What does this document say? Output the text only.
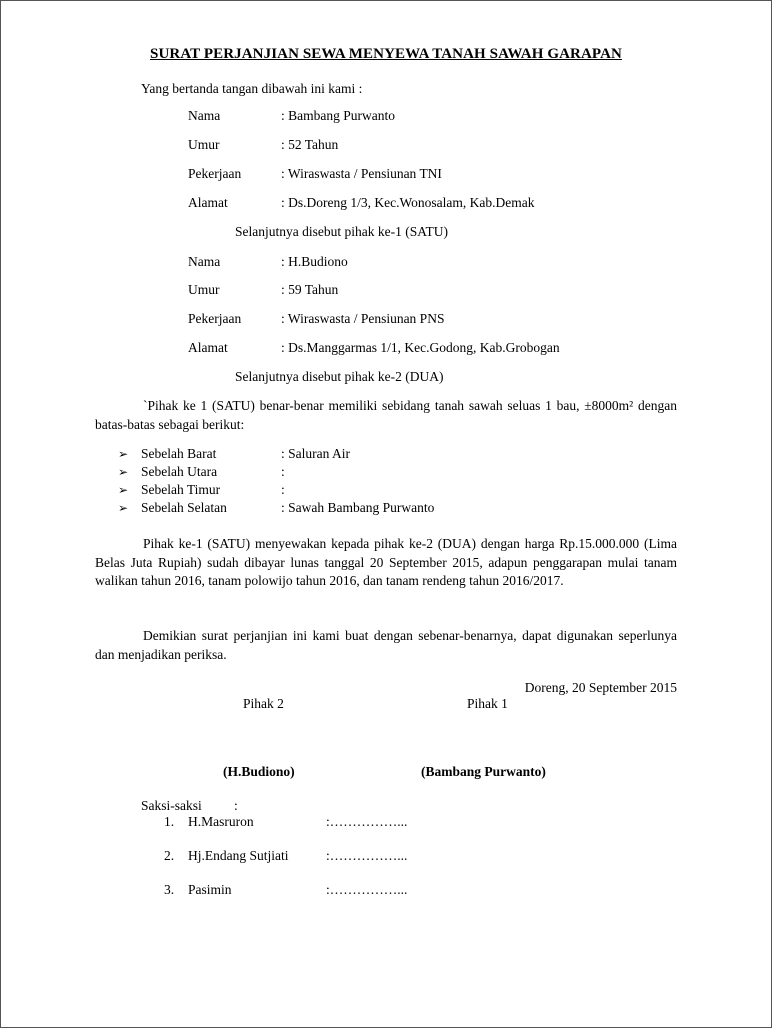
SURAT PERJANJIAN SEWA MENYEWA TANAH SAWAH GARAPAN
Yang bertanda tangan dibawah ini kami :
Nama	: Bambang Purwanto
Umur	: 52 Tahun
Pekerjaan	: Wiraswasta / Pensiunan TNI
Alamat	: Ds.Doreng 1/3, Kec.Wonosalam, Kab.Demak
Selanjutnya disebut pihak ke-1 (SATU)
Nama	: H.Budiono
Umur	: 59 Tahun
Pekerjaan	: Wiraswasta / Pensiunan PNS
Alamat	: Ds.Manggarmas 1/1, Kec.Godong, Kab.Grobogan
Selanjutnya disebut pihak ke-2 (DUA)
`Pihak ke 1 (SATU) benar-benar memiliki sebidang tanah sawah seluas 1 bau, ±8000m² dengan batas-batas sebagai berikut:
➢ Sebelah Barat	: Saluran Air
➢ Sebelah Utara	:
➢ Sebelah Timur	:
➢ Sebelah Selatan	: Sawah Bambang Purwanto
Pihak ke-1 (SATU) menyewakan kepada pihak ke-2 (DUA) dengan harga Rp.15.000.000 (Lima Belas Juta Rupiah) sudah dibayar lunas tanggal 20 September 2015, adapun penggarapan mulai tanam walikan tahun 2016, tanam polowijo tahun 2016, dan tanam rendeng tahun 2016/2017.
Demikian surat perjanjian ini kami buat dengan sebenar-benarnya, dapat digunakan seperlunya dan menjadikan periksa.
Doreng, 20 September 2015
Pihak 2	Pihak 1
(H.Budiono)	(Bambang Purwanto)
Saksi-saksi :
1. H.Masruron	:……………...
2. Hj.Endang Sutjiati	:……………...
3. Pasimin	:……………...
